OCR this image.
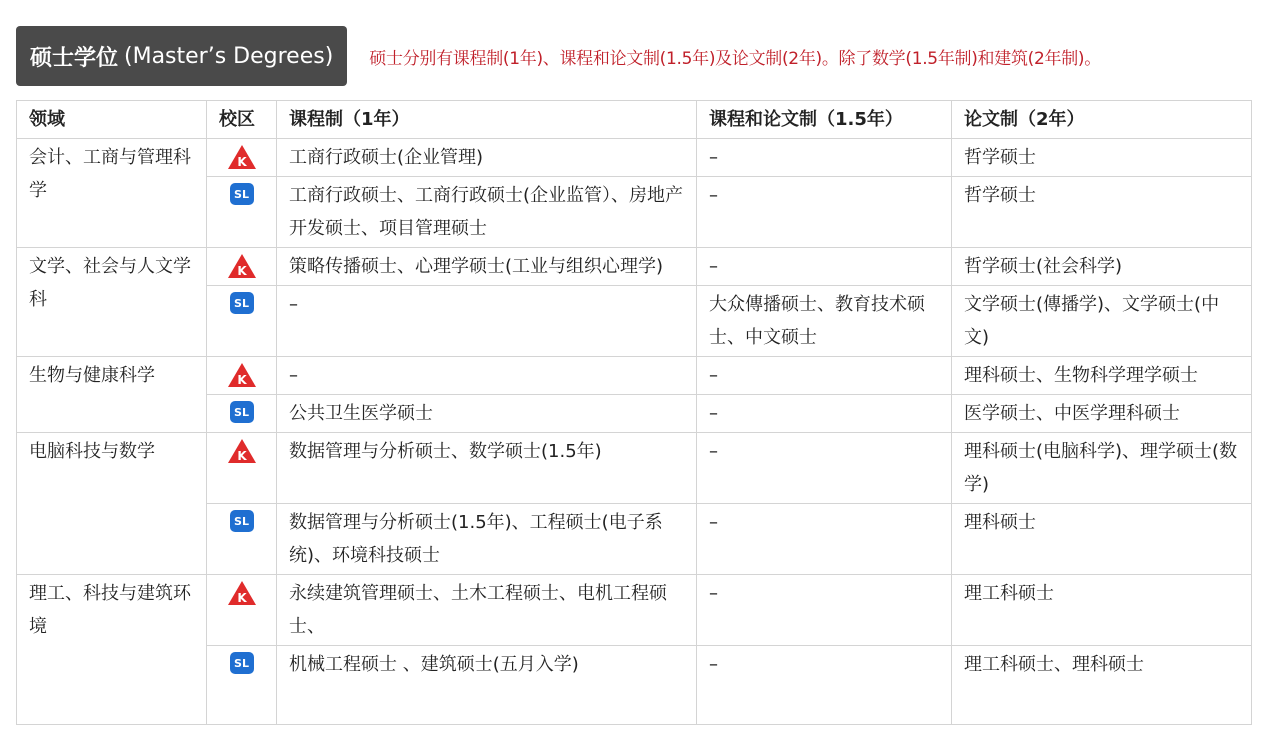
硕士学位 (Master’s Degrees) 硕士分别有课程制(1年)、课程和论文制(1.5年)及论文制(2年)。除了数学(1.5年制)和建筑(2年制)。
领域	校区	课程制（1年）	课程和论文制（1.5年）	论文制（2年）
会计、工商与管理科学	K	工商行政硕士(企业管理)	–	哲学硕士
	SL	工商行政硕士、工商行政硕士(企业监管）、房地产开发硕士、项目管理硕士	–	哲学硕士
文学、社会与人文学科	K	策略传播硕士、心理学硕士(工业与组织心理学)	–	哲学硕士(社会科学)
	SL	–	大众傳播硕士、教育技术硕士、中文硕士	文学硕士(傳播学)、文学硕士(中文)
生物与健康科学	K	–	–	理科硕士、生物科学理学硕士
	SL	公共卫生医学硕士	–	医学硕士、中医学理科硕士
电脑科技与数学	K	数据管理与分析硕士、数学硕士(1.5年)	–	理科硕士(电脑科学)、理学硕士(数学)
	SL	数据管理与分析硕士(1.5年)、工程硕士(电子系统)、环境科技硕士	–	理科硕士
理工、科技与建筑环境	K	永续建筑管理硕士、土木工程硕士、电机工程硕士、	–	理工科硕士
	SL	机械工程硕士 、建筑硕士(五月入学)	–	理工科硕士、理科硕士
